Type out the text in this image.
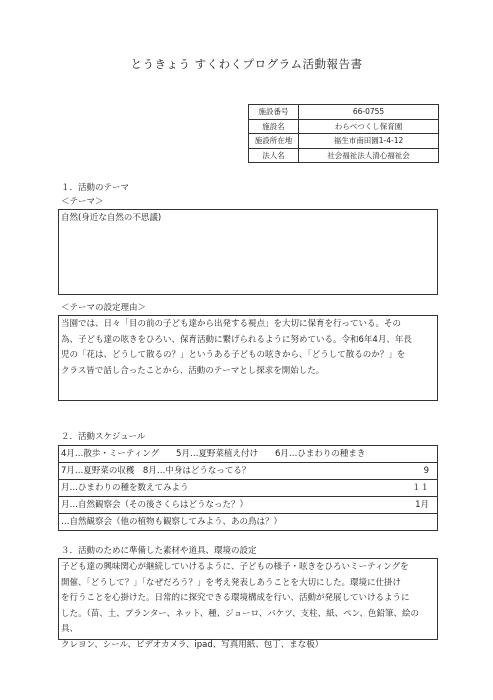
とうきょう すくわくプログラム活動報告書
施設番号	66-0755
施設名	わらべつくし保育園
施設所在地	福生市南田園1-4-12
法人名	社会福祉法人清心福祉会
１．活動のテーマ
＜テーマ＞
自然(身近な自然の不思議)
＜テーマの設定理由＞
当園では、日々「目の前の子ども達から出発する視点」を大切に保育を行っている。その
為、子ども達の呟きをひろい、保育活動に繋げられるように努めている。令和6年4月、年長
児の「花は、どうして散るの？」というある子どもの呟きから、「どうして散るのか？」を
クラス皆で話し合ったことから、活動のテーマとし探求を開始した。
２．活動スケジュール
4月…散歩・ミーティング　　5月…夏野菜植え付け　　6月…ひまわりの種まき
7月…夏野菜の収穫　8月…中身はどうなってる？	9
月…ひまわりの種を数えてみよう	１１
月…自然観察会（その後さくらはどうなった？）	1月
…自然観察会（他の植物も観察してみよう、あの鳥は？）
３．活動のために準備した素材や道具、環境の設定
子ども達の興味関心が継続していけるように、子どもの様子・呟きをひろいミーティングを
開催、「どうして？」「なぜだろう？」を考え発表しあうことを大切にした。環境に仕掛け
を行うことを心掛けた。日常的に探究できる環境構成を行い、活動が発展していけるように
した。（苗、土、プランター、ネット、種、ジョーロ、バケツ、支柱、紙、ペン、色鉛筆、絵の具、
クレヨン、シール、ビデオカメラ、ipad、写真用紙、包丁、まな板）
